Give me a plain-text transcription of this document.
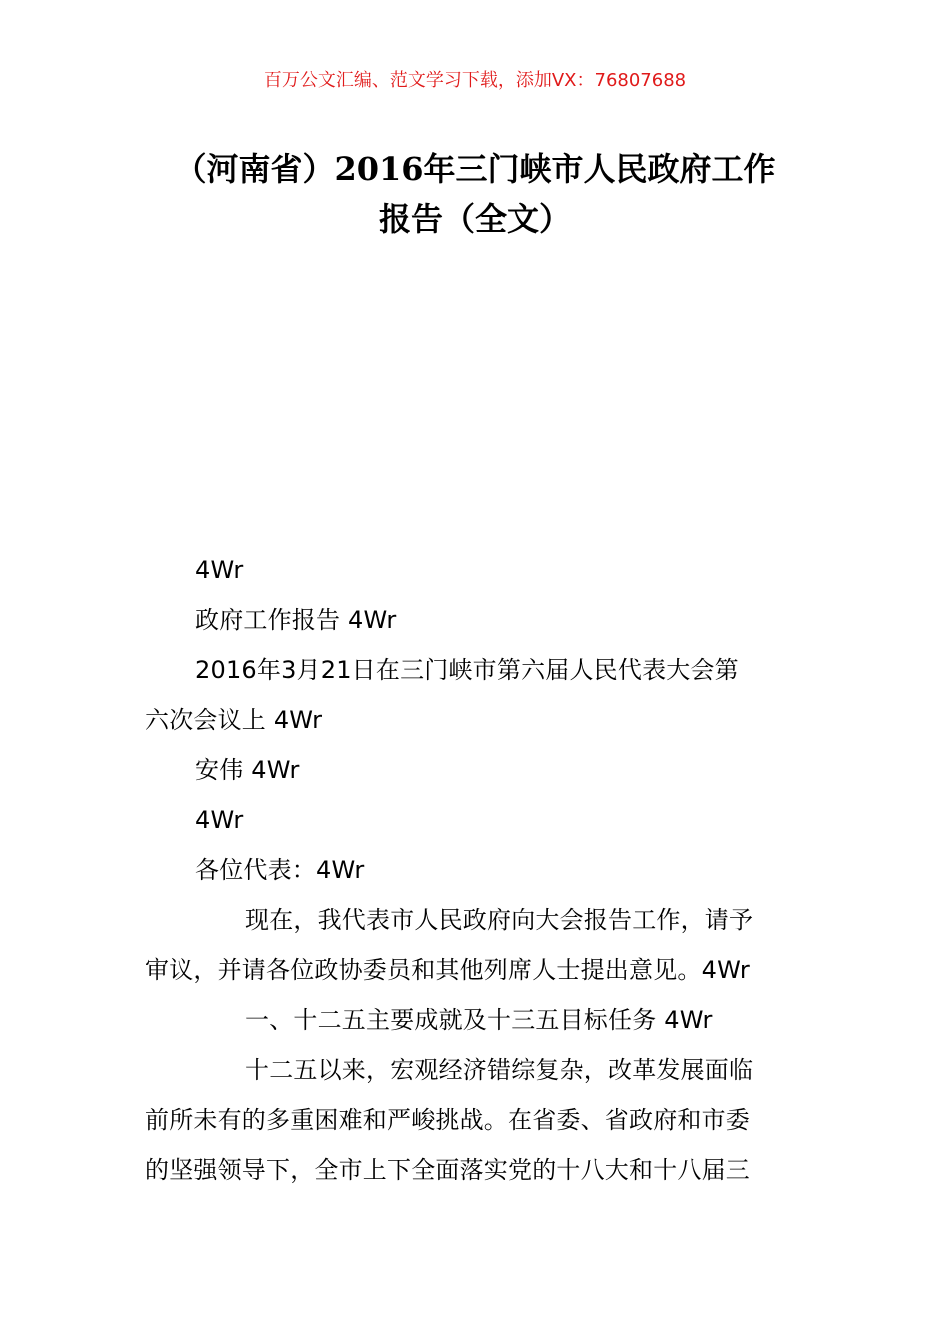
百万公文汇编、范文学习下载，添加VX：76807688
（河南省）2016年三门峡市人民政府工作
报告（全文）

4Wr

政府工作报告 4Wr

2016年3月21日在三门峡市第六届人民代表大会第

六次会议上 4Wr

安伟 4Wr

4Wr

各位代表：4Wr

现在，我代表市人民政府向大会报告工作，请予

审议，并请各位政协委员和其他列席人士提出意见。4Wr

一、十二五主要成就及十三五目标任务 4Wr

十二五以来，宏观经济错综复杂，改革发展面临

前所未有的多重困难和严峻挑战。在省委、省政府和市委

的坚强领导下，全市上下全面落实党的十八大和十八届三
